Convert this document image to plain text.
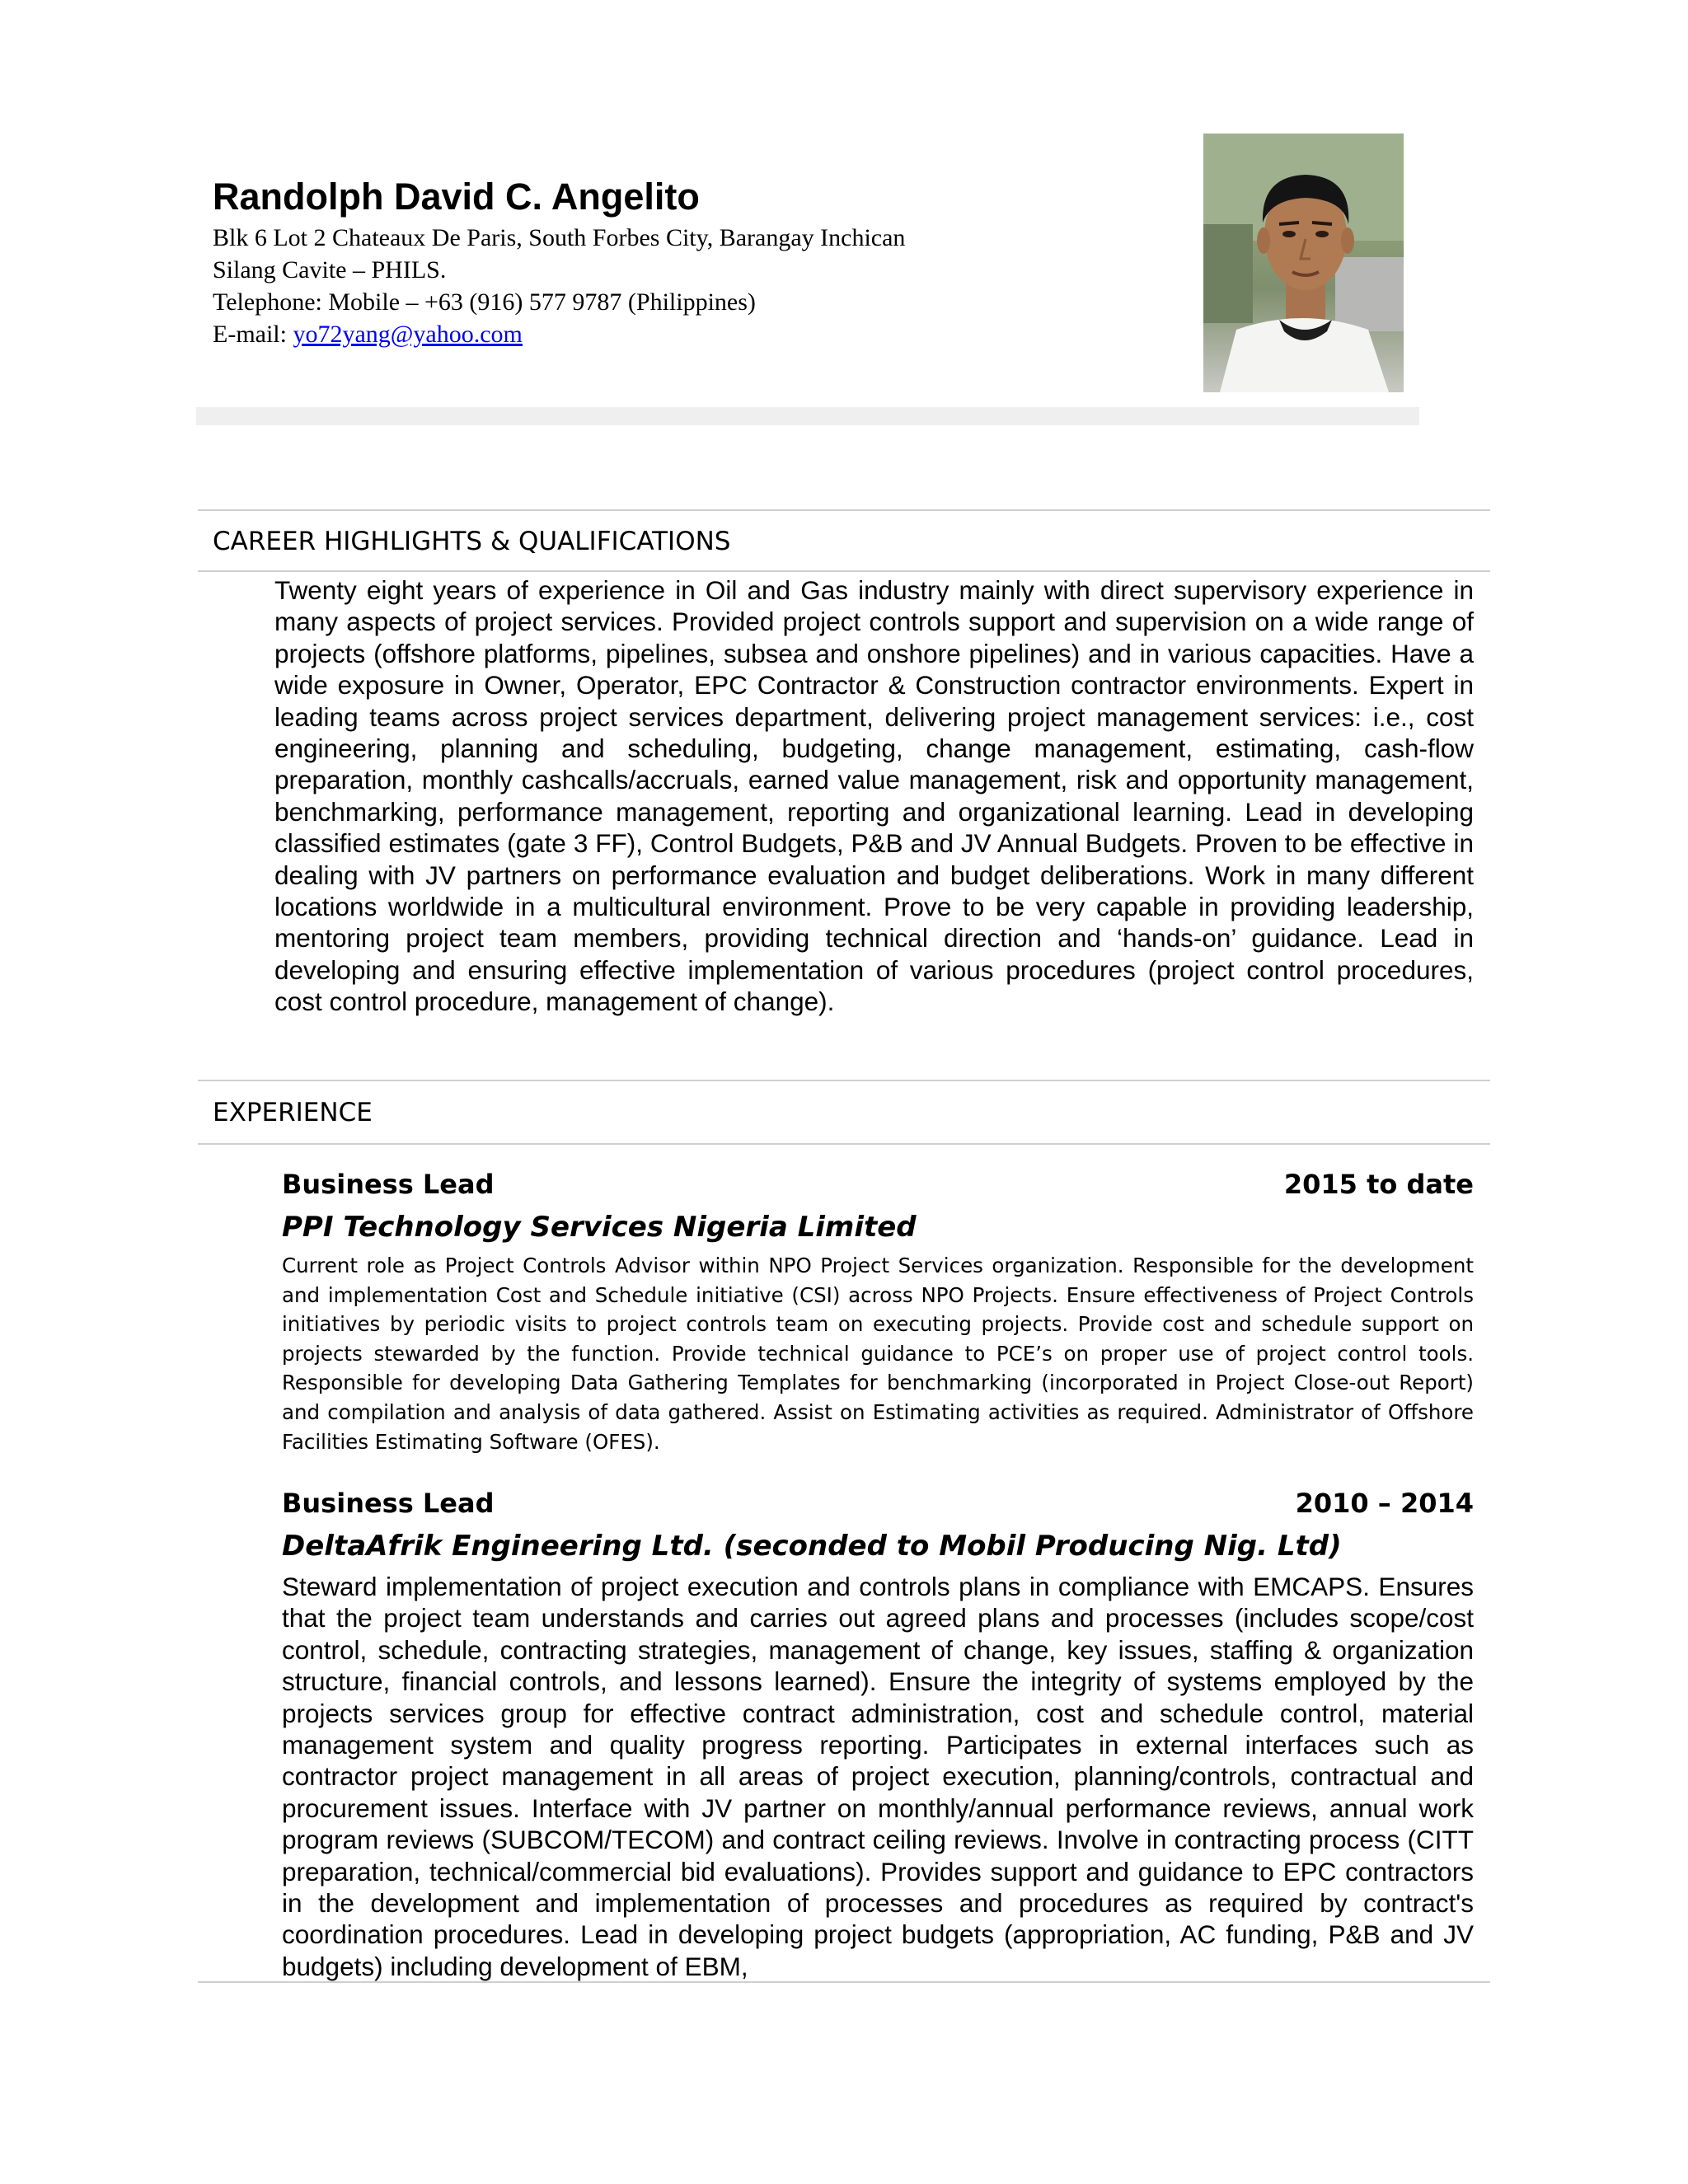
Randolph David C. Angelito
Blk 6 Lot 2 Chateaux De Paris, South Forbes City, Barangay Inchican
Silang Cavite – PHILS.
Telephone: Mobile – +63 (916) 577 9787 (Philippines)
E-mail: yo72yang@yahoo.com
CAREER HIGHLIGHTS & QUALIFICATIONS
Twenty eight years of experience in Oil and Gas industry mainly with direct supervisory experience in many aspects of project services. Provided project controls support and supervision on a wide range of projects (offshore platforms, pipelines, subsea and onshore pipelines) and in various capacities. Have a wide exposure in Owner, Operator, EPC Contractor & Construction contractor environments. Expert in leading teams across project services department, delivering project management services: i.e., cost engineering, planning and scheduling, budgeting, change management, estimating, cash-flow preparation, monthly cashcalls/accruals, earned value management, risk and opportunity management, benchmarking, performance management, reporting and organizational learning. Lead in developing classified estimates (gate 3 FF), Control Budgets, P&B and JV Annual Budgets. Proven to be effective in dealing with JV partners on performance evaluation and budget deliberations. Work in many different locations worldwide in a multicultural environment. Prove to be very capable in providing leadership, mentoring project team members, providing technical direction and ‘hands-on’ guidance. Lead in developing and ensuring effective implementation of various procedures (project control procedures, cost control procedure, management of change).
EXPERIENCE
Business Lead	2015 to date
PPI Technology Services Nigeria Limited
Current role as Project Controls Advisor within NPO Project Services organization. Responsible for the development and implementation Cost and Schedule initiative (CSI) across NPO Projects. Ensure effectiveness of Project Controls initiatives by periodic visits to project controls team on executing projects. Provide cost and schedule support on projects stewarded by the function. Provide technical guidance to PCE’s on proper use of project control tools. Responsible for developing Data Gathering Templates for benchmarking (incorporated in Project Close-out Report) and compilation and analysis of data gathered. Assist on Estimating activities as required. Administrator of Offshore Facilities Estimating Software (OFES).
Business Lead	2010 – 2014
DeltaAfrik Engineering Ltd. (seconded to Mobil Producing Nig. Ltd)
Steward implementation of project execution and controls plans in compliance with EMCAPS. Ensures that the project team understands and carries out agreed plans and processes (includes scope/cost control, schedule, contracting strategies, management of change, key issues, staffing & organization structure, financial controls, and lessons learned). Ensure the integrity of systems employed by the projects services group for effective contract administration, cost and schedule control, material management system and quality progress reporting. Participates in external interfaces such as contractor project management in all areas of project execution, planning/controls, contractual and procurement issues. Interface with JV partner on monthly/annual performance reviews, annual work program reviews (SUBCOM/TECOM) and contract ceiling reviews. Involve in contracting process (CITT preparation, technical/commercial bid evaluations). Provides support and guidance to EPC contractors in the development and implementation of processes and procedures as required by contract's coordination procedures. Lead in developing project budgets (appropriation, AC funding, P&B and JV budgets) including development of EBM,
